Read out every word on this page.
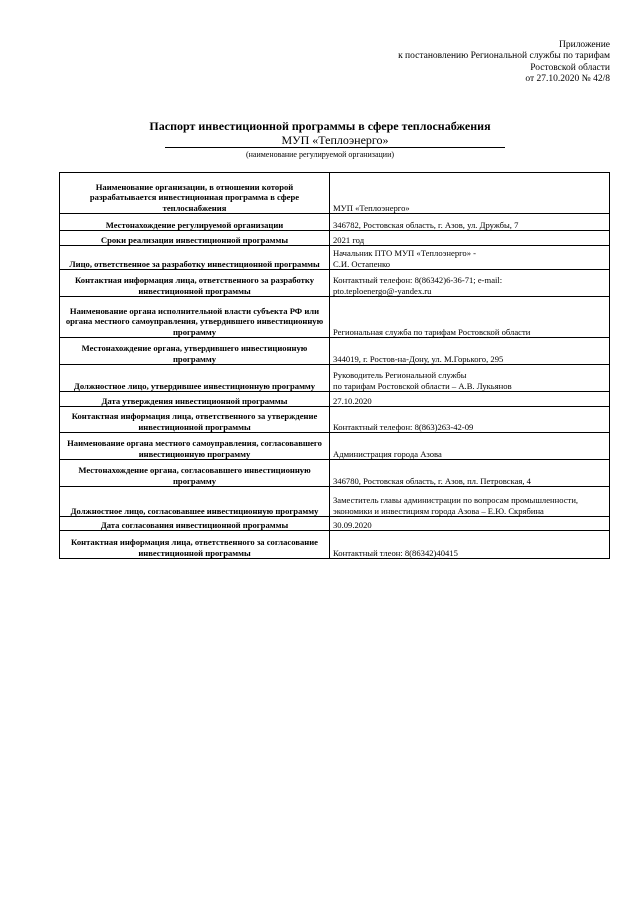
Приложение
к постановлению Региональной службы по тарифам
Ростовской области
от 27.10.2020 № 42/8
Паспорт инвестиционной программы в сфере теплоснабжения
МУП «Теплоэнерго»
(наименование регулируемой организации)
Наименование организации, в отношении которой разрабатывается инвестиционная программа в сфере теплоснабжения	МУП «Теплоэнерго»
Местонахождение регулируемой организации	346782, Ростовская область, г. Азов, ул. Дружбы, 7
Сроки реализации инвестиционной программы	2021 год
Лицо, ответственное за разработку инвестиционной программы	Начальник ПТО МУП «Теплоэнерго» -
С.И. Остапенко
Контактная информация лица, ответственного за разработку инвестиционной программы	Контактный телефон: 8(86342)6-36-71; e-mail:
pto.teploenergo@-yandex.ru
Наименование органа исполнительной власти субъекта РФ или органа местного самоуправления, утвердившего инвестиционную программу	Региональная служба по тарифам Ростовской области
Местонахождение органа, утвердившего инвестиционную программу	344019, г. Ростов-на-Дону, ул. М.Горького, 295
Должностное лицо, утвердившее инвестиционную программу	Руководитель Региональной службы
по тарифам Ростовской области – А.В. Лукьянов
Дата утверждения инвестиционной программы	27.10.2020
Контактная информация лица, ответственного за утверждение инвестиционной программы	Контактный телефон: 8(863)263-42-09
Наименование органа местного самоуправления, согласовавшего инвестиционную программу	Администрация города Азова
Местонахождение органа, согласовавшего инвестиционную программу	346780, Ростовская область, г. Азов, пл. Петровская, 4
Должностное лицо, согласовавшее инвестиционную программу	Заместитель главы администрации по вопросам промышленности, экономики и инвестициям города Азова – Е.Ю. Скрябина
Дата согласования инвестиционной программы	30.09.2020
Контактная информация лица, ответственного за согласование инвестиционной программы	Контактный тлеон: 8(86342)40415
